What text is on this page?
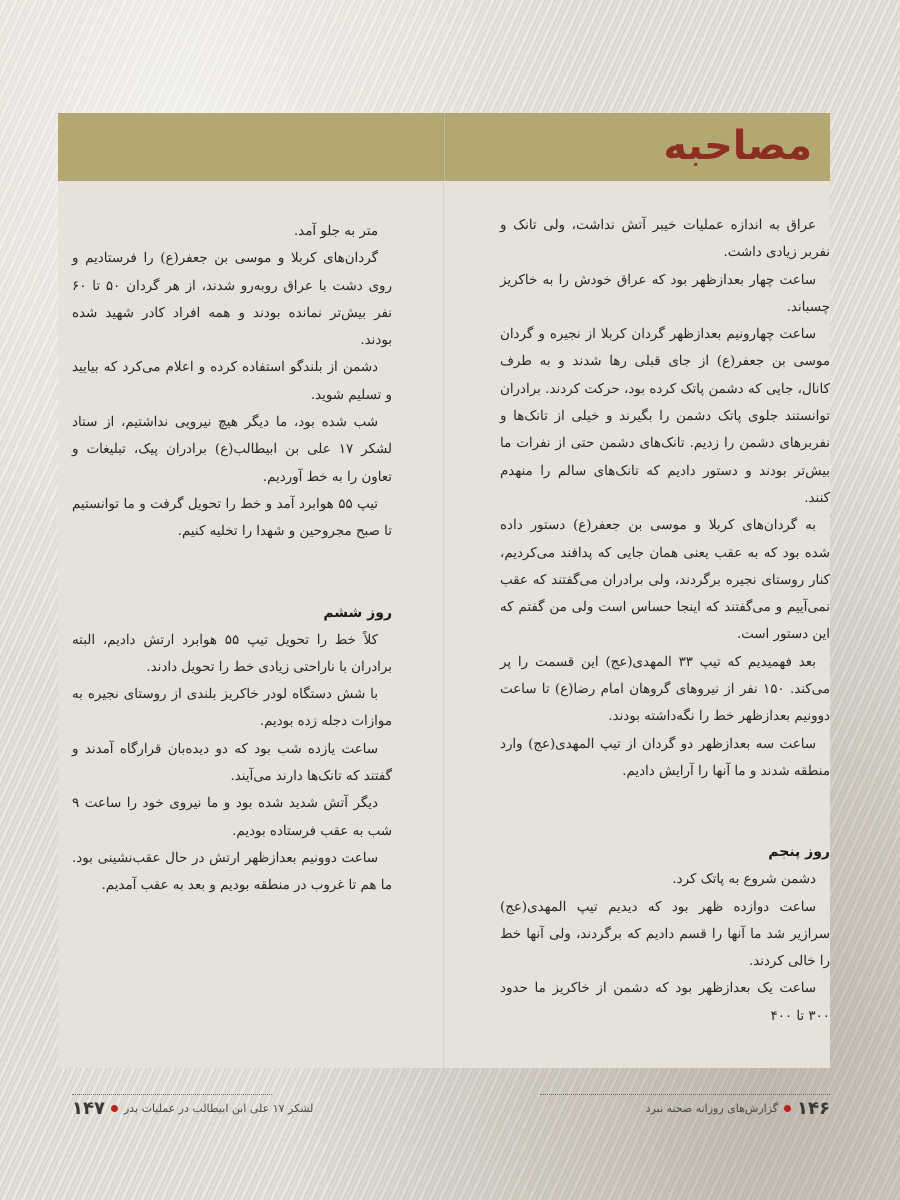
مصاحبه

عراق به اندازه عملیات خیبر آتش نداشت، ولی تانک و نفربر زیادی داشت.

ساعت چهار بعدازظهر بود که عراق خودش را به خاکریز چسباند.

ساعت چهارونیم بعدازظهر گردان کربلا از نجیره و گردان موسی بن جعفر(ع) از جای قبلی رها شدند و به طرف کانال، جایی که دشمن پاتک کرده بود، حرکت کردند. برادران توانستند جلوی پاتک دشمن را بگیرند و خیلی از تانک‌ها و نفربرهای دشمن را زدیم. تانک‌های دشمن حتی از نفرات ما بیش‌تر بودند و دستور دادیم که تانک‌های سالم را منهدم کنند.

به گردان‌های کربلا و موسی بن جعفر(ع) دستور داده شده بود که به عقب یعنی همان جایی که پدافند می‌کردیم، کنار روستای نجیره برگردند، ولی برادران می‌گفتند که عقب نمی‌آییم و می‌گفتند که اینجا حساس است ولی من گفتم که این دستور است.

بعد فهمیدیم که تیپ ۳۳ المهدی(عج) این قسمت را پر می‌کند. ۱۵۰ نفر از نیروهای گروهان امام رضا(ع) تا ساعت دوونیم بعدازظهر خط را نگه‌داشته بودند.

ساعت سه بعدازظهر دو گردان از تیپ المهدی(عج) وارد منطقه شدند و ما آنها را آرایش دادیم.

روز پنجم

دشمن شروع به پاتک کرد.

ساعت دوازده ظهر بود که دیدیم تیپ المهدی(عج) سرازیر شد ما آنها را قسم دادیم که برگردند، ولی آنها خط را خالی کردند.

ساعت یک بعدازظهر بود که دشمن از خاکریز ما حدود ۳۰۰ تا ۴۰۰

متر به جلو آمد.

گردان‌های کربلا و موسی بن جعفر(ع) را فرستادیم و روی دشت با عراق روبه‌رو شدند، از هر گردان ۵۰ تا ۶۰ نفر بیش‌تر نمانده بودند و همه افراد کادر شهید شده بودند.

دشمن از بلندگو استفاده کرده و اعلام می‌کرد که بیایید و تسلیم شوید.

شب شده بود، ما دیگر هیچ نیرویی نداشتیم، از ستاد لشکر ۱۷ علی بن ابیطالب(ع) برادران پیک، تبلیغات و تعاون را به خط آوردیم.

تیپ ۵۵ هوابرد آمد و خط را تحویل گرفت و ما توانستیم تا صبح مجروحین و شهدا را تخلیه کنیم.

روز ششم

کلاً خط را تحویل تیپ ۵۵ هوابرد ارتش دادیم، البته برادران با ناراحتی زیادی خط را تحویل دادند.

با شش دستگاه لودر خاکریز بلندی از روستای نجیره به موازات دجله زده بودیم.

ساعت یازده شب بود که دو دیده‌بان قرارگاه آمدند و گفتند که تانک‌ها دارند می‌آیند.

دیگر آتش شدید شده بود و ما نیروی خود را ساعت ۹ شب به عقب فرستاده بودیم.

ساعت دوونیم بعدازظهر ارتش در حال عقب‌نشینی بود. ما هم تا غروب در منطقه بودیم و بعد به عقب آمدیم.

۱۴۶
گزارش‌های روزانه صحنه نبرد
لشکر ۱۷ علی ابن ابیطالب در عملیات بدر
۱۴۷
